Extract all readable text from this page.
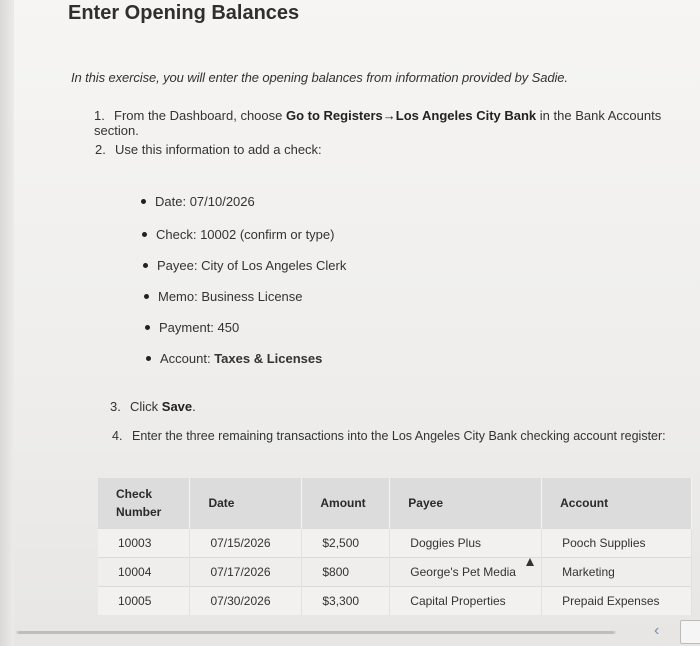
Enter Opening Balances
In this exercise, you will enter the opening balances from information provided by Sadie.
1. From the Dashboard, choose Go to Registers→Los Angeles City Bank in the Bank Accounts section.
2. Use this information to add a check:
Date: 07/10/2026
Check: 10002 (confirm or type)
Payee: City of Los Angeles Clerk
Memo: Business License
Payment: 450
Account: Taxes & Licenses
3. Click Save.
4. Enter the three remaining transactions into the Los Angeles City Bank checking account register:
Check Number	Date	Amount	Payee	Account
10003	07/15/2026	$2,500	Doggies Plus	Pooch Supplies
10004	07/17/2026	$800	George's Pet Media	Marketing
10005	07/30/2026	$3,300	Capital Properties	Prepaid Expenses
‹
